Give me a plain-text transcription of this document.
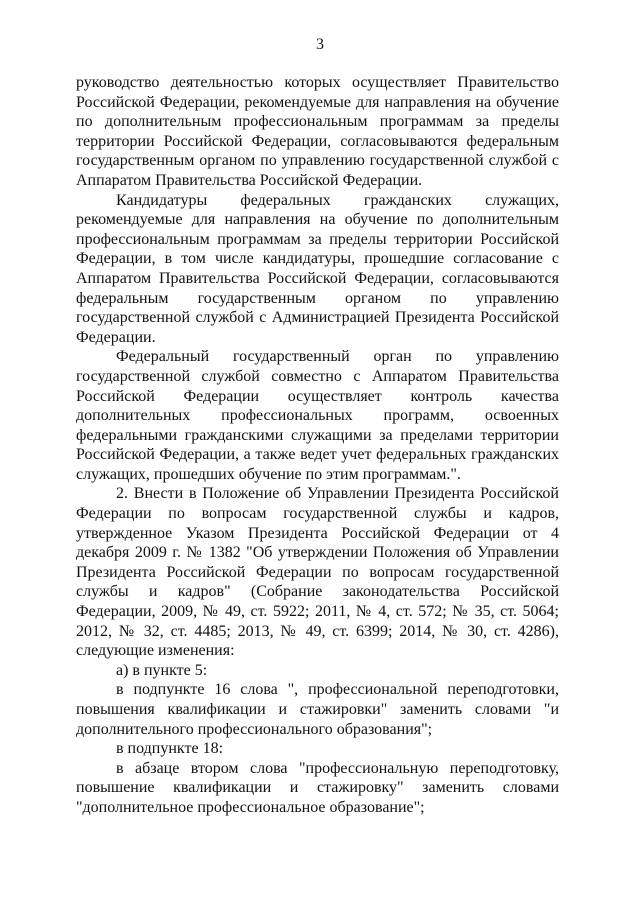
3

руководство деятельностью которых осуществляет Правительство Российской Федерации, рекомендуемые для направления на обучение по дополнительным профессиональным программам за пределы территории Российской Федерации, согласовываются федеральным государственным органом по управлению государственной службой с Аппаратом Правительства Российской Федерации.

Кандидатуры федеральных гражданских служащих, рекомендуемые для направления на обучение по дополнительным профессиональным программам за пределы территории Российской Федерации, в том числе кандидатуры, прошедшие согласование с Аппаратом Правительства Российской Федерации, согласовываются федеральным государственным органом по управлению государственной службой с Администрацией Президента Российской Федерации.

Федеральный государственный орган по управлению государственной службой совместно с Аппаратом Правительства Российской Федерации осуществляет контроль качества дополнительных профессиональных программ, освоенных федеральными гражданскими служащими за пределами территории Российской Федерации, а также ведет учет федеральных гражданских служащих, прошедших обучение по этим программам.".

2. Внести в Положение об Управлении Президента Российской Федерации по вопросам государственной службы и кадров, утвержденное Указом Президента Российской Федерации от 4 декабря 2009 г. № 1382 "Об утверждении Положения об Управлении Президента Российской Федерации по вопросам государственной службы и кадров" (Собрание законодательства Российской Федерации, 2009, № 49, ст. 5922; 2011, № 4, ст. 572; № 35, ст. 5064; 2012, № 32, ст. 4485; 2013, № 49, ст. 6399; 2014, № 30, ст. 4286), следующие изменения:

а) в пункте 5:

в подпункте 16 слова ", профессиональной переподготовки, повышения квалификации и стажировки" заменить словами "и дополнительного профессионального образования";

в подпункте 18:

в абзаце втором слова "профессиональную переподготовку, повышение квалификации и стажировку" заменить словами "дополнительное профессиональное образование";
